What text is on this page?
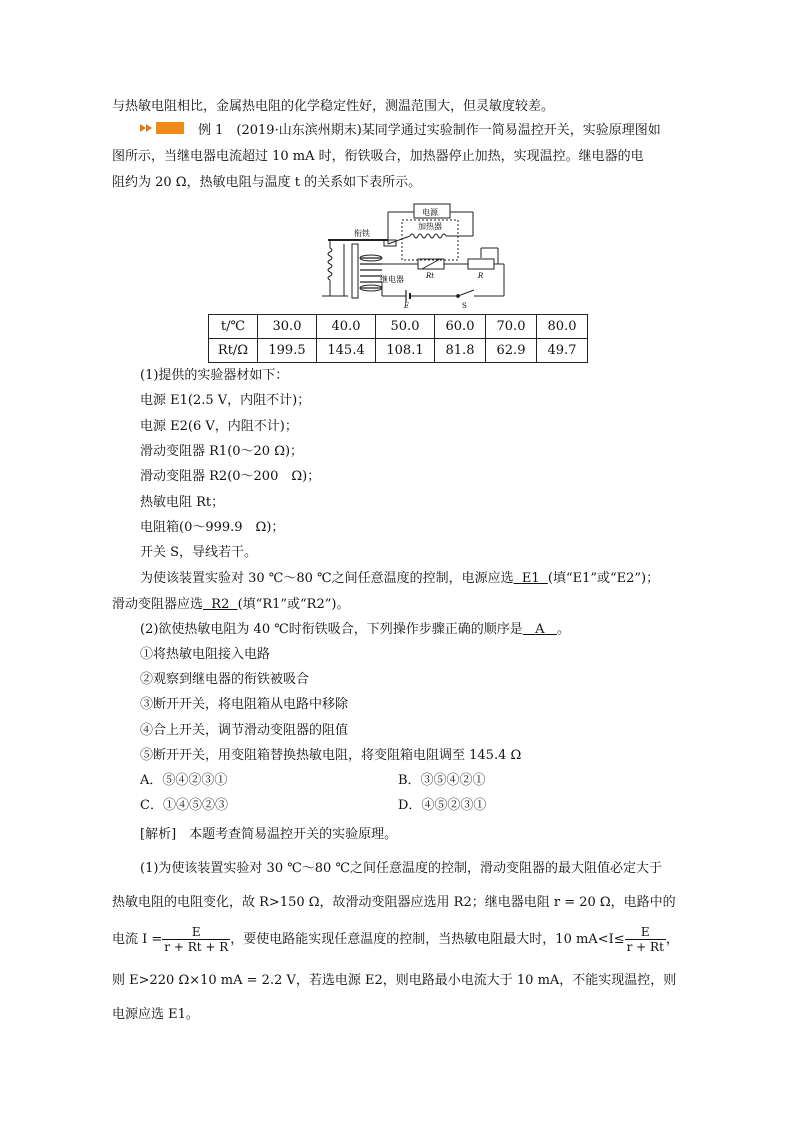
与热敏电阻相比，金属热电阻的化学稳定性好，测温范围大，但灵敏度较差。
例 1　 (2019·山东滨州期末)某同学通过实验制作一简易温控开关，实验原理图如
图所示，当继电器电流超过 10 mA 时，衔铁吸合，加热器停止加热，实现温控。继电器的电
阻约为 20 Ω，热敏电阻与温度 t 的关系如下表所示。
电源
加热器
衔铁
继电器	Rt	R
E	S
t/℃	30.0	40.0	50.0	60.0	70.0	80.0
Rt/Ω	199.5	145.4	108.1	81.8	62.9	49.7
(1)提供的实验器材如下：
电源 E1(2.5 V，内阻不计)；
电源 E2(6 V，内阻不计)；
滑动变阻器 R1(0～20 Ω)；
滑动变阻器 R2(0～200　Ω)；
热敏电阻 Rt；
电阻箱(0～999.9　Ω)；
开关 S，导线若干。
为使该装置实验对 30 ℃～80 ℃之间任意温度的控制，电源应选 E1 (填“E1”或“E2”)；
滑动变阻器应选 R2 (填“R1”或“R2”)。
(2)欲使热敏电阻为 40 ℃时衔铁吸合，下列操作步骤正确的顺序是 A 。
①将热敏电阻接入电路
②观察到继电器的衔铁被吸合
③断开开关，将电阻箱从电路中移除
④合上开关，调节滑动变阻器的阻值
⑤断开开关，用变阻箱替换热敏电阻，将变阻箱电阻调至 145.4 Ω
A．⑤④②③①	B．③⑤④②①
C．①④⑤②③	D．④⑤②③①
[解析]　 本题考查简易温控开关的实验原理。
(1)为使该装置实验对 30 ℃～80 ℃之间任意温度的控制，滑动变阻器的最大阻值必定大于
热敏电阻的电阻变化，故 R>150 Ω，故滑动变阻器应选用 R2；继电器电阻 r = 20 Ω，电路中的
电流 $I = \frac{E}{r + Rt + R}$ ，要使电路能实现任意温度的控制，当热敏电阻最大时，10 $mA<I\le \frac{E}{r + Rt}$ ，
则 E>220 Ω×10 mA = 2.2 V，若选电源 E2，则电路最小电流大于 10 mA，不能实现温控，则
电源应选 E1。
